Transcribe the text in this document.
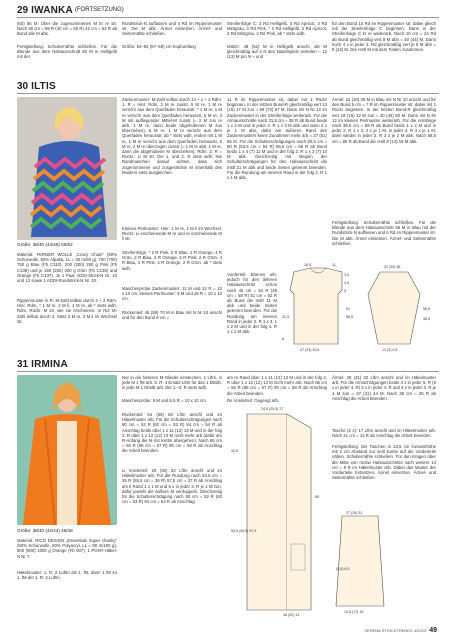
29 IWANKA (FORTSETZUNG)
(60) 66 M. Über die zugenommenen M kr re str. Nach 38 cm = 58 R (40 cm = 60 R) 42 cm = 64 R ab Bund alle M abk.
Fertigstellung: Schulternähte schließen. Für die Blende aus dem Halsausschnitt 60 M in Helligelb mit der
Rundstrick-N auffassen und 4 Rd im Rippenmuster str. Die M abk. Ärmel einsetzen. Ärmel- und Seitennähte schließen.
Größe: 54–56 (57–59) cm Kopfumfang
Streifenfolge C: 3 Rd Helligelb, 3 Rd Apricot, 3 Rd Mintgrau, 3 Rd Pink, * 2 Rd Helligelb, 2 Rd Apricot, 2 Rd Mintgrau, 2 Rd Pink, ab * stets wdh.
Mütze: 48 (52) M in Helligelb anschl, die M gleichmäßig auf 4 N des Nadelspiels verteilen – 12 (13) M pro N – und
für den Bund 12 Rd im Rippenmuster str, dabei gleich mit der Streifenfolge C beginnen. Dann in der Streifenfolge C kr re weiterarb. Nach 16 cm = 24 Rd ab Bund gleichmäßig vert 8 M abn = 40 (44) M. Dann noch 4 x in jeder 2. Rd gleichmäßig vert je 8 M abn = 8 (12) M. Die restl M mit dem Faden zusammen.
30 ILTIS
Größe: 38/40 (44/46) 50/52
Material. FERNER WOLLE „Crazy Chain“ (50% Schurwolle, 50% Alpaka, LL = 30 m/50 g), 700 (700) 750 g Blau (Fb C110), 200 (200) 250 g Pink (Fb C139) und je 150 (200) 200 g Grün (Fb C135) und Orange (Fb C137). Je 1 Paar ADDI-Strick-N Nr. 10 und 12 sowie 1 ADDI-Rundstrick-N Nr. 10.
Rippenmuster in R: M-Zahl teilbar durch 4 + 2 Rdm. Hinr. Rdm, * 1 M re, 2 M li, 1 M re, ab * stets wdh, Rdm. Rückr. M str, wie sie erscheinen. In Rd: M-Zahl teilbar durch 4. Stets 2 M re, 2 M li im Wechsel str.
Zackenmuster: M-Zahl teilbar durch 14 + 1 + 2 Rdm. 1. R = Hinr. Rdm, 2 M re zusstr, 5 M re, 1 M re verschr aus dem Querfaden herausstr, * 1 M re, 1 M re verschr aus dem Querfaden herausstr, 5 M re, 3 M mit aufliegender Mittel-M zusstr (= 2 M zus re abh, 1 M re, dann beide abgehobenen M zus überziehen), 5 M re, 1 M re verschr aus dem Querfaden herausstr, ab * stets wdh, enden mit 1 M re, 1 M re verschr aus dem Querfaden herausstr, 5 M re, 2 M re überzogen zusstr (= 1 M re abh, 1 M re, dann die abgehobene M überziehen), Rdm. 2. R = Rückr.: Li M str. Die 1. und 2. R stets wdh. Nie Randmaschen darauf achten, dass sich zugenommene und zusgestrickte M innerhalb des Musters stets ausgleichen.
Kleines Perlmuster: Hinr: 1 M re, 1 M li im Wechsel. Rückr: Li erscheinende M re und re erscheinende M li str.
Streifenfolge: * 2 R Pink, 2 R Blau, 2 R Orange, 4 R Grün, 2 R Blau, 2 R Orange, 6 R Pink, 2 R Grün, 4 R Blau, 2 R Pink, 4 R Orange, 2 R Grün, ab * stets wdh.
Maschenprobe Zackenmuster: 11 M und 12 R = 10 x 10 cm; kleines Perlmuster: 9 M und 15 R = 10 x 10 cm.
Rückenteil: 46 (58) 70 M in Blau mit N Nr 10 anschl und für den Bund 8 cm =
11 R im Rippenmuster str, dabei mit 1 Rückr beginnen. In der letzten Bund-R gleichmäßig vert 13 (15) 17 M zun = 59 (73) 87 M. Dann mit N Nr 12 im Zackenmuster in der Streifenfolge weiterarb. Für die Armausschnitte nach 31,5 cm = 38 R ab Bund beids 1 x 4 M und in jeder 2. R 1 x 3 M abk und dann 4 x je 1 M abn, dafür am äußeren Rand des Zackenmusters keine Zunahmen mehr arb = 37 (51) 65 M. Für die Schulterschrägungen nach 50,5 cm = 60 R (53,5 cm = 64 R) 56,5 cm = 68 R ab Bund beids 1 x 4 (7) 11 M und in der folg 2. R 1 x 3 (7) 10 M abk. Gleichzeitig mit Beginn der Schulterschrägungen für den Halsausschnitt die mittl 21 M abk und beide Seiten getrennt beenden. Für die Rundung am inneren Rand in der folg 2. R 1 x 1 M abk.
Vorderteil: Ebenso arb, jedoch für den tieferen Halsausschnitt schon nach 45 cm = 54 R (48 cm = 58 R) 51 cm = 62 R ab Bund die mittl 11 M abk und beide Seiten getrennt beenden. Für die Rundung am inneren Rand in jeder 2. R 1 x 3, 1 x 2 M und in der folg 4. R 1 x 1 M abk.
Ärmel: 22 (30) 38 M in Blau mit N Nr 10 anschl und für den Bund 5 cm = 7 R im Rippenmuster str, dabei mit 1 Rückr beginnen. In der letzten Bund-R gleichmäßig vert 18 (15) 12 M zun = 40 (45) 50 M. Dann mit N Nr 12 im kleinen Perlmuster weiterarb. Für die Armlänge nach 38,5 cm = 58 R ab Bund beids 1 x 2 M und in jeder 2. R 1 x 2, 2 x je 1 M, in jeder 4. R 4 x je 1 M, dann wieder in jeder 2. R 3 x je 2 M abk. Nach 58,5 cm = 88 R ab Bund die restl 8 (13) 18 M abk.
Fertigstellung: Schulternähte schließen. Für die Blende aus dem Halsausschnitt 56 M in Blau mit der Rundstrick-N auffassen und 6 Rd im Rippenmuster str. Die M abk. Ärmel einsetzen. Ärmel- und Seitennähte schließen.
16,5	11
3,5
4,5
3
51
56,5
31,5
8
27 (33) 39,5
22 (29) 38
58,5
38,5
12 (2) 0,5
31 IRMINA
Größe: 38/40 (42/44) 46/48
Material. RICO DESIGN „Essentials Super chunky“ (50% Schurwolle, 50% Polyacryl, LL = 80 m/100 g), 800 (900) 1000 g Orange (Fb 007). 1 PONY-Häkel-N Nr 7.
Häkelmuster: 1. R: 2 Luftm als 1. fM, dann 1 fM im 1. fM der 1. R: 4 Luftm
Nur in die hinteren M-Glieder einstechen. 1 Lftm, in jede M 1 fM arb. 3. R: 4 Ersatz-Lftm für das 1 Dbstb, in jede M 1 Dbstb arb. Die 1.–3. R stets wdh.
Maschenprobe: 9 M und 6,5 R = 10 x 10 cm.
Rückenteil: 54 (56) 60 Lftm anschl und im Häkelmuster arb. Für die Schulterschrägungen nach 80 cm = 52 R (82 cm = 53 R) 84 cm = 54 R ab Anschlag beids über 1 x 11 (12) 13 M und in der folg 2. R über 1 x 12 (12) 13 M nicht mehr arb (dafür am R-Anfang die M mit Kettm übergehen). Nach 86 cm = 56 R (88 cm = 57 R) 90 cm = 58 R ab Anschlag die Arbeit beenden.
Li Vorderteil: 29 (30) 32 Lftm anschl und im Häkelmuster arb. Für die Rundung nach 53,5 cm = 35 R (55,5 cm = 36 R) 57,5 cm = 37 R ab Anschlag am li Rand 1 x 1 M und 6 x in jeder 3. R je 1 M zun, dafür jeweils die äußere M verdoppeln. Gleichzeitig für die Schulterschrägung nach 80 cm = 52 R (82 cm = 53 R) 84 cm = 54 R ab Anschlag
am re Rand über 1 x 11 (12) 13 M und in der folg 2. R über 1 x 12 (12) 13 M nicht mehr arb. Nach 86 cm = 56 R (88 cm = 57 R) 90 cm = 58 R ab Anschlag die Arbeit beenden.
Re Vorderteil: Gegengl arb.
Ärmel: 29 (31) 32 Lftm anschl und im Häkelmuster arb. Für die Armschrägungen beids 4 x in jeder 5. R (5 x in jeder 4. R) 2 x in jeder 4. R und 4 x in jeder 3. R je 1 M zun = 37 (41) 44 M. Nach 38 cm = 25 R ab Anschlag die Arbeit beenden.
Tasche (2 x): 17 Lftm anschl und im Häkelmuster arb. Nach 21 cm = 14 R ab Anschlag die Arbeit beenden.
Fertigstellung: Die Taschen in 13,5 cm Gesamthöhe mit 2 cm Abstand zur seitl Kante auf die Vorderteile nähen. Schulternähte schließen. Für den Kragen über die Mitte von rückw Halsausschnitts nach weiters 14 cm = 9 R im Häkelmuster arb. Dabei das Muster der Vorderteile fortsetzen. Ärmel einsetzen. Ärmel- und Seitennähte schließen.
24,5 (25,5) 27
32,5
53,5 (55,5) 57,5
80
18 (22) 13
27 (29) 31
14,5 (17) 18
(5,5) 6,5
VERENA STRICKTRENDS 4/2023 49
